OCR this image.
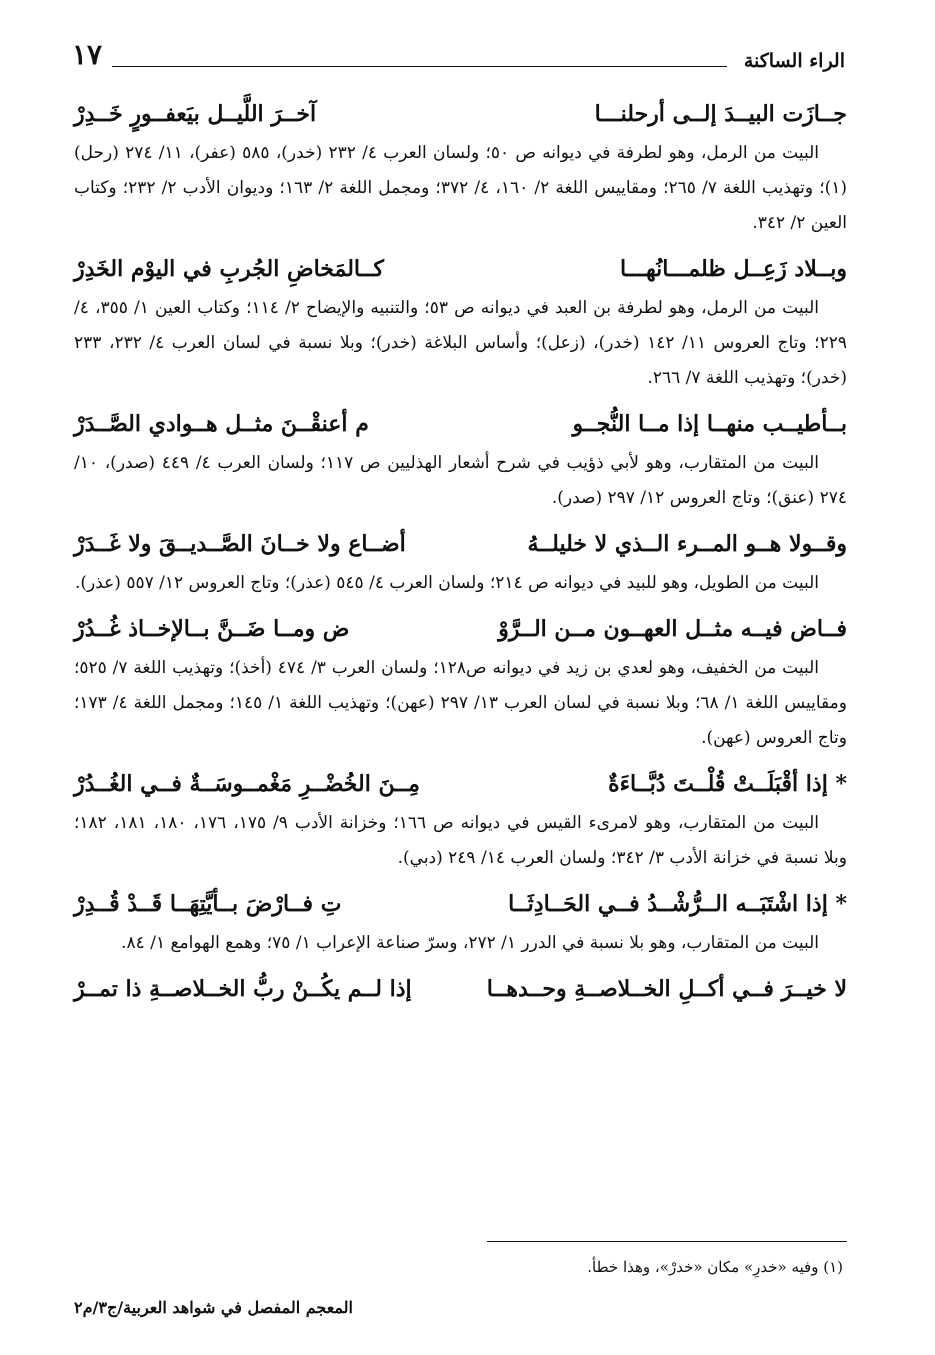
الراء الساكنة
١٧
جــازَت البيــدَ إلــى أرحلنـــا
آخــرَ اللَّيــل بيَعفــورٍ خَــدِرْ

البيت من الرمل، وهو لطرفة في ديوانه ص ٥٠؛ ولسان العرب ٤/ ٢٣٢ (خدر)، ٥٨٥ (عفر)، ١١/ ٢٧٤ (رحل)(١)؛ وتهذيب اللغة ٧/ ٢٦٥؛ ومقاييس اللغة ٢/ ١٦٠، ٤/ ٣٧٢؛ ومجمل اللغة ٢/ ١٦٣؛ وديوان الأدب ٢/ ٢٣٢؛ وكتاب العين ٢/ ٣٤٢.

وبــلاد زَعِــل ظلمـــانُهـــا
كــالمَخاضِ الجُربِ في اليوْم الخَدِرْ

البيت من الرمل، وهو لطرفة بن العبد في ديوانه ص ٥٣؛ والتنبيه والإيضاح ٢/ ١١٤؛ وكتاب العين ١/ ٣٥٥، ٤/ ٢٢٩؛ وتاج العروس ١١/ ١٤٢ (خدر)، (زعل)؛ وأساس البلاغة (خدر)؛ وبلا نسبة في لسان العرب ٤/ ٢٣٢، ٢٣٣ (خدر)؛ وتهذيب اللغة ٧/ ٢٦٦.

بــأطيــب منهــا إذا مــا النُّجــو
م أعنقْــنَ مثــل هــوادي الصَّــدَرْ

البيت من المتقارب، وهو لأبي ذؤيب في شرح أشعار الهذليين ص ١١٧؛ ولسان العرب ٤/ ٤٤٩ (صدر)، ١٠/ ٢٧٤ (عنق)؛ وتاج العروس ١٢/ ٢٩٧ (صدر).

وقــولا هــو المــرء الــذي لا خليلــهُ
أضــاع ولا خــانَ الصَّــديــقَ ولا غَــدَرْ

البيت من الطويل، وهو للبيد في ديوانه ص ٢١٤؛ ولسان العرب ٤/ ٥٤٥ (عذر)؛ وتاج العروس ١٢/ ٥٥٧ (عذر).

فــاض فيــه مثــل العهــون مــن الــرَّوْ
ض ومــا ضَــنَّ بــالإخــاذ غُــدُرْ

البيت من الخفيف، وهو لعدي بن زيد في ديوانه ص١٢٨؛ ولسان العرب ٣/ ٤٧٤ (أخذ)؛ وتهذيب اللغة ٧/ ٥٢٥؛ ومقاييس اللغة ١/ ٦٨؛ وبلا نسبة في لسان العرب ١٣/ ٢٩٧ (عهن)؛ وتهذيب اللغة ١/ ١٤٥؛ ومجمل اللغة ٤/ ١٧٣؛ وتاج العروس (عهن).

* إذا أقْبَلَــتْ قُلْــتَ دُبَّــاءَةٌ
مِــنَ الخُضْــرِ مَغْمــوسَــةٌ فــي الغُــدُرْ

البيت من المتقارب، وهو لامرىء القيس في ديوانه ص ١٦٦؛ وخزانة الأدب ٩/ ١٧٥، ١٧٦، ١٨٠، ١٨١، ١٨٢؛ وبلا نسبة في خزانة الأدب ٣/ ٣٤٢؛ ولسان العرب ١٤/ ٢٤٩ (دبي).

* إذا اشْتَبَــه الــرُّشْــدُ فــي الحَــادِثَــا
تِ فــارْضَ بــأيَّتِهَــا قَــدْ قُــدِرْ

البيت من المتقارب، وهو بلا نسبة في الدرر ١/ ٢٧٢، وسرّ صناعة الإعراب ١/ ٧٥؛ وهمع الهوامع ١/ ٨٤.

لا خيــرَ فــي أكــلِ الخــلاصــةِ وحــدهــا
إذا لــم يكُــنْ ربُّ الخــلاصــةِ ذا تمــرْ
(١) وفيه «خدرِ» مكان «خدرْ»، وهذا خطأ.
المعجم المفصل في شواهد العربية/ج٣/م٢
